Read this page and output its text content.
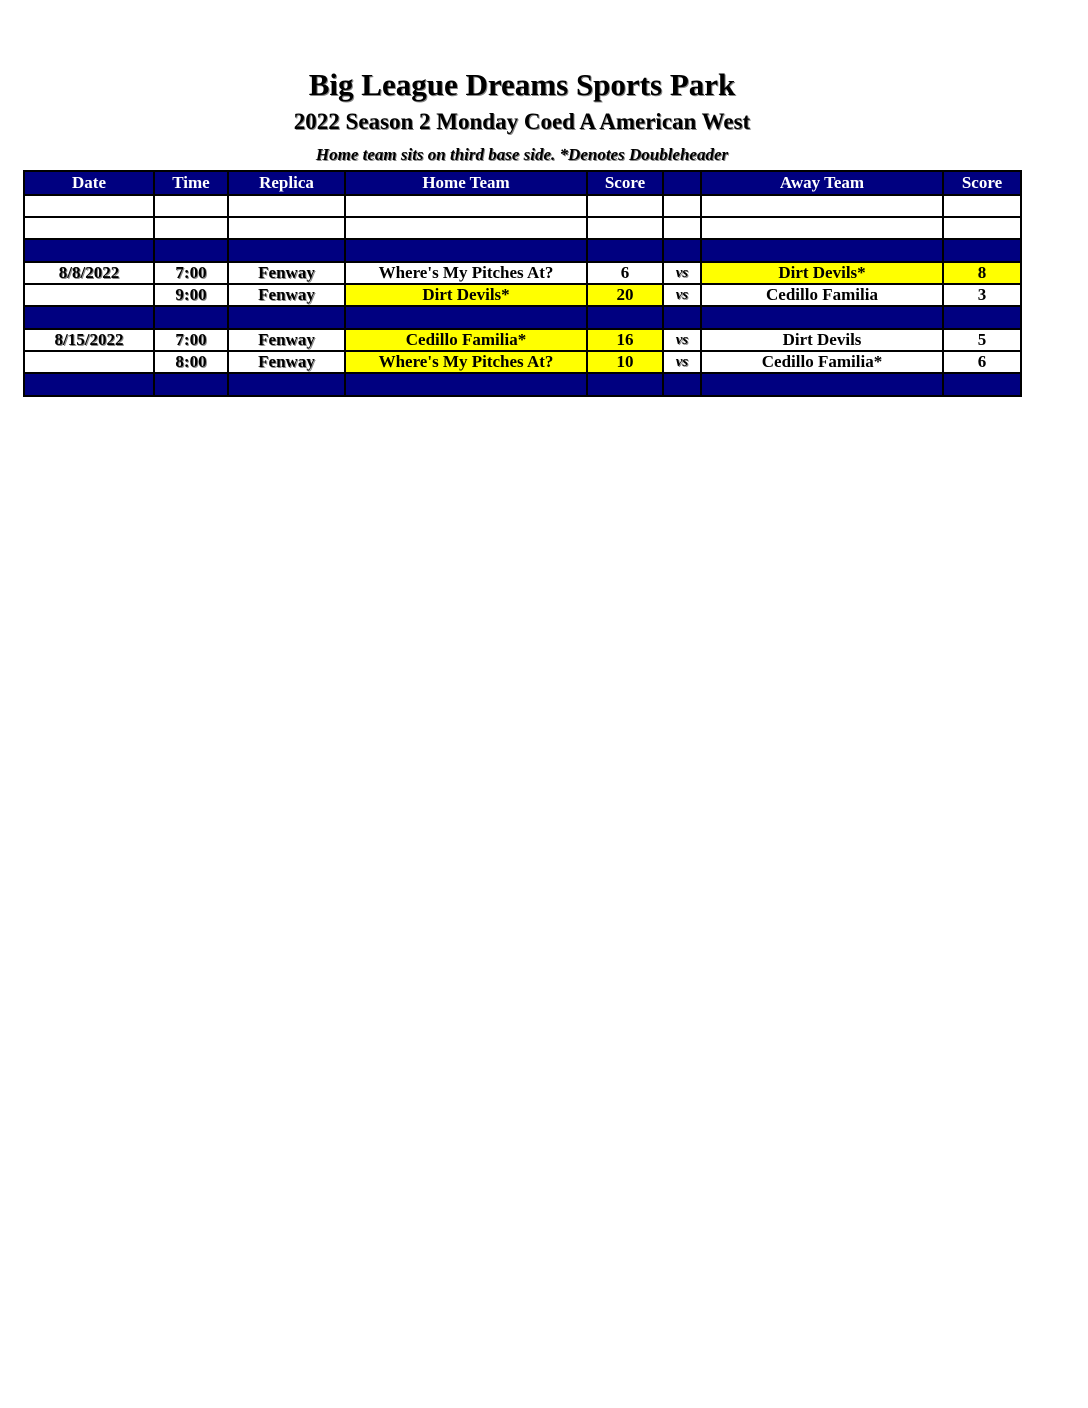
Big League Dreams Sports Park
2022 Season 2 Monday Coed A American West
Home team sits on third base side. *Denotes Doubleheader
Date	Time	Replica	Home Team	Score		Away Team	Score

8/8/2022	7:00	Fenway	Where's My Pitches At?	6	vs	Dirt Devils*	8
	9:00	Fenway	Dirt Devils*	20	vs	Cedillo Familia	3

8/15/2022	7:00	Fenway	Cedillo Familia*	16	vs	Dirt Devils	5
	8:00	Fenway	Where's My Pitches At?	10	vs	Cedillo Familia*	6
